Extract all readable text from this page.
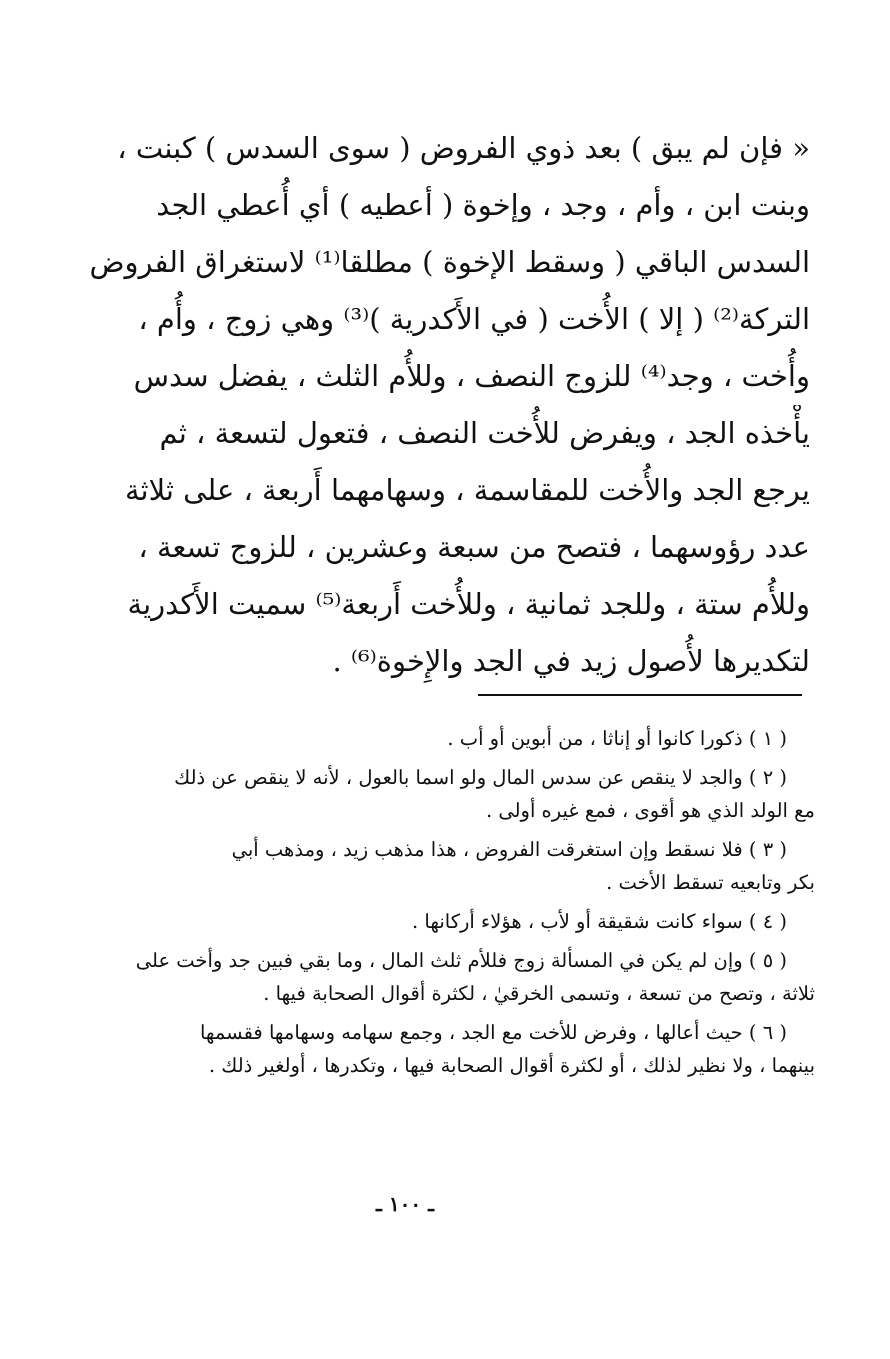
« فإن لم يبق ) بعد ذوي الفروض ( سوى السدس ) كبنت ،
وبنت ابن ، وأم ، وجد ، وإخوة ( أعطيه ) أي أُعطي الجد
السدس الباقي ( وسقط الإخوة ) مطلقا⁽¹⁾ لاستغراق الفروض
التركة⁽²⁾ ( إلا ) الأُخت ( في الأَكدرية )⁽³⁾ وهي زوج ، وأُم ،
وأُخت ، وجد⁽⁴⁾ للزوج النصف ، وللأُم الثلث ، يفضل سدس
يأْخذه الجد ، ويفرض للأُخت النصف ، فتعول لتسعة ، ثم
يرجع الجد والأُخت للمقاسمة ، وسهامهما أَربعة ، على ثلاثة
عدد رؤوسهما ، فتصح من سبعة وعشرين ، للزوج تسعة ،
وللأُم ستة ، وللجد ثمانية ، وللأُخت أَربعة⁽⁵⁾ سميت الأَكدرية
لتكديرها لأُصول زيد في الجد والإِخوة⁽⁶⁾ .
( ١ ) ذكورا كانوا أو إناثا ، من أبوين أو أب .
( ٢ ) والجد لا ينقص عن سدس المال ولو اسما بالعول ، لأنه لا ينقص عن ذلك
مع الولد الذي هو أقوى ، فمع غيره أولى .
( ٣ ) فلا نسقط وإن استغرقت الفروض ، هذا مذهب زيد ، ومذهب أبي
بكر وتابعيه تسقط الأخت .
( ٤ ) سواء كانت شقيقة أو لأب ، هؤلاء أركانها .
( ٥ ) وإن لم يكن في المسألة زوج فللأم ثلث المال ، وما بقي فبين جد وأخت على
ثلاثة ، وتصح من تسعة ، وتسمى الخرقيٰ ، لكثرة أقوال الصحابة فيها .
( ٦ ) حيث أعالها ، وفرض للأخت مع الجد ، وجمع سهامه وسهامها فقسمها
بينهما ، ولا نظير لذلك ، أو لكثرة أقوال الصحابة فيها ، وتكدرها ، أولغير ذلك .
ـ ١٠٠ ـ
